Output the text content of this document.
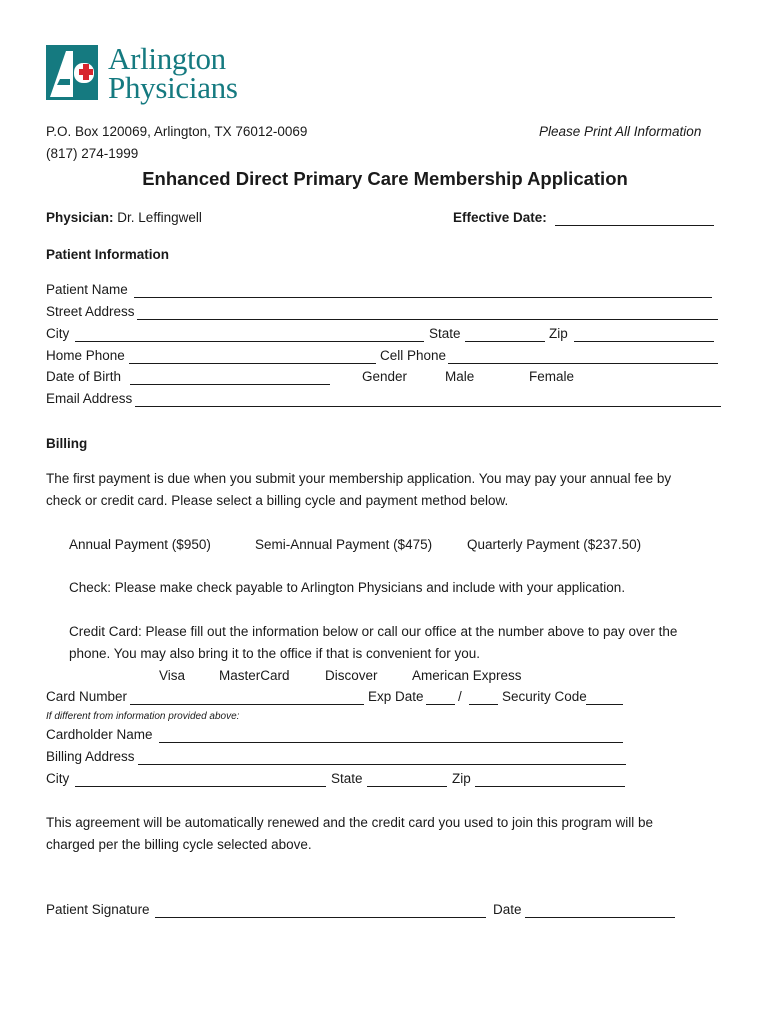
Arlington
Physicians
P.O. Box 120069, Arlington, TX 76012-0069
(817) 274-1999
Please Print All Information
Enhanced Direct Primary Care Membership Application
Physician: Dr. Leffingwell	Effective Date:
Patient Information
Patient Name
Street Address
City	State	Zip
Home Phone	Cell Phone
Date of Birth	Gender	Male	Female
Email Address
Billing
The first payment is due when you submit your membership application. You may pay your annual fee by
check or credit card. Please select a billing cycle and payment method below.
Annual Payment ($950)	Semi-Annual Payment ($475)	Quarterly Payment ($237.50)
Check: Please make check payable to Arlington Physicians and include with your application.
Credit Card: Please fill out the information below or call our office at the number above to pay over the
phone. You may also bring it to the office if that is convenient for you.
Visa	MasterCard	Discover	American Express
Card Number	Exp Date	/	Security Code
If different from information provided above:
Cardholder Name
Billing Address
City	State	Zip
This agreement will be automatically renewed and the credit card you used to join this program will be
charged per the billing cycle selected above.
Patient Signature	Date
